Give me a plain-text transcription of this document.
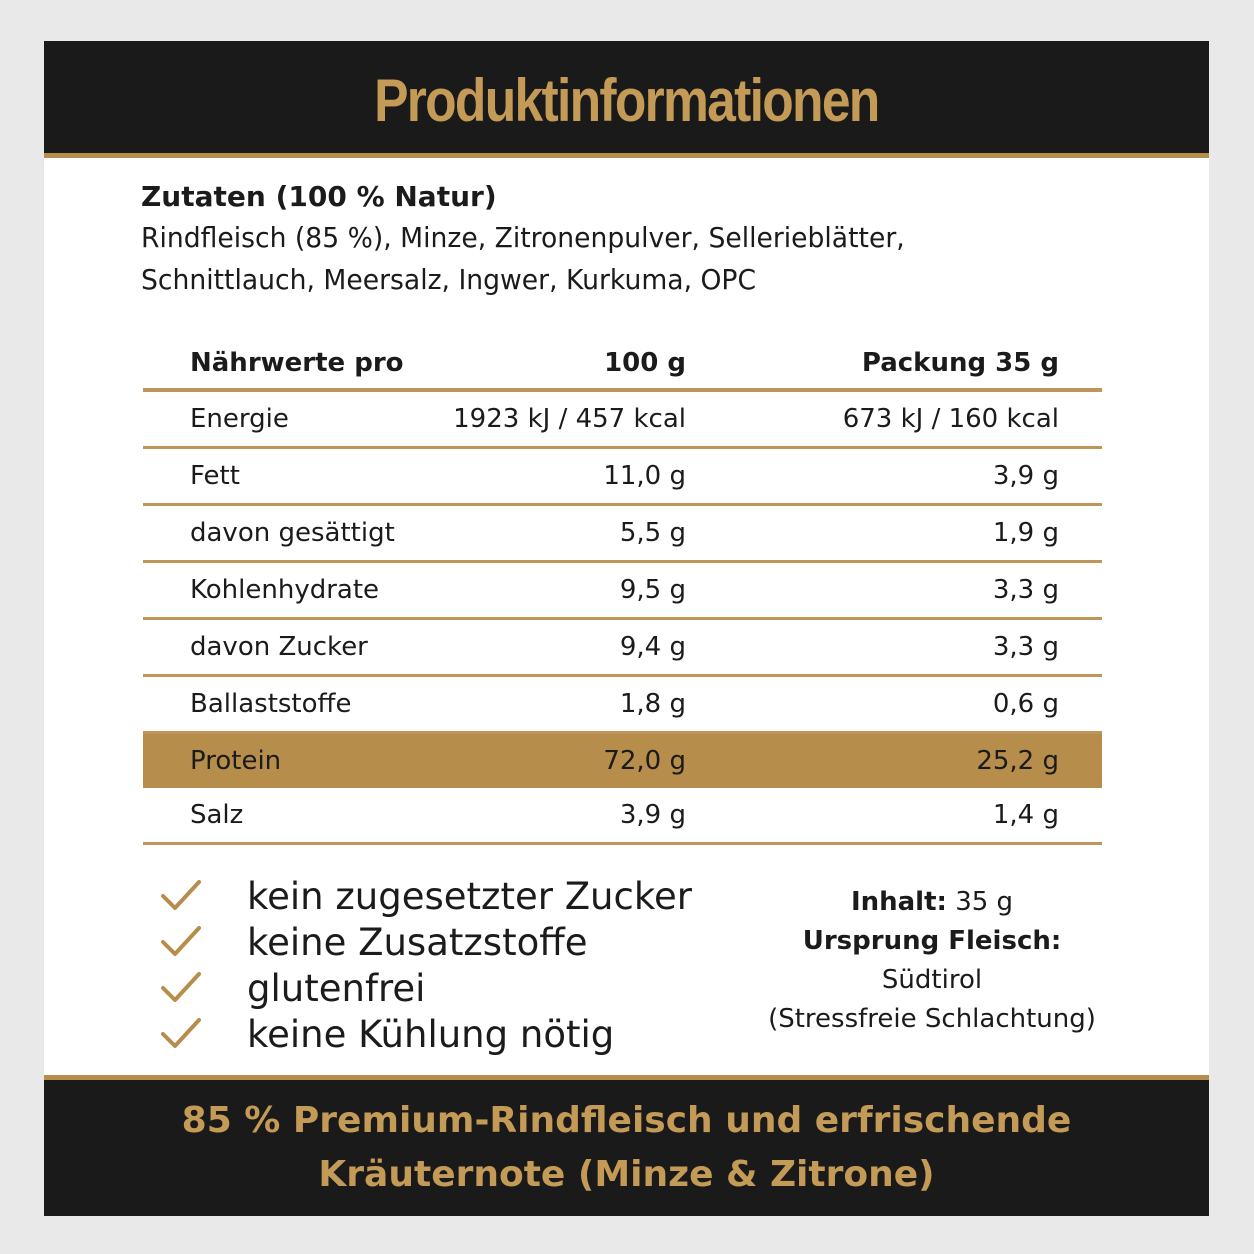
Produktinformationen
Zutaten (100 % Natur)
Rindfleisch (85 %), Minze, Zitronenpulver, Sellerieblätter,
Schnittlauch, Meersalz, Ingwer, Kurkuma, OPC
Nährwerte pro	100 g	Packung 35 g
Energie	1923 kJ / 457 kcal	673 kJ / 160 kcal
Fett	11,0 g	3,9 g
davon gesättigt	5,5 g	1,9 g
Kohlenhydrate	9,5 g	3,3 g
davon Zucker	9,4 g	3,3 g
Ballaststoffe	1,8 g	0,6 g
Protein	72,0 g	25,2 g
Salz	3,9 g	1,4 g
kein zugesetzter Zucker
keine Zusatzstoffe
glutenfrei
keine Kühlung nötig
Inhalt: 35 g
Ursprung Fleisch: Südtirol
(Stressfreie Schlachtung)
85 % Premium-Rindfleisch und erfrischende
Kräuternote (Minze & Zitrone)
